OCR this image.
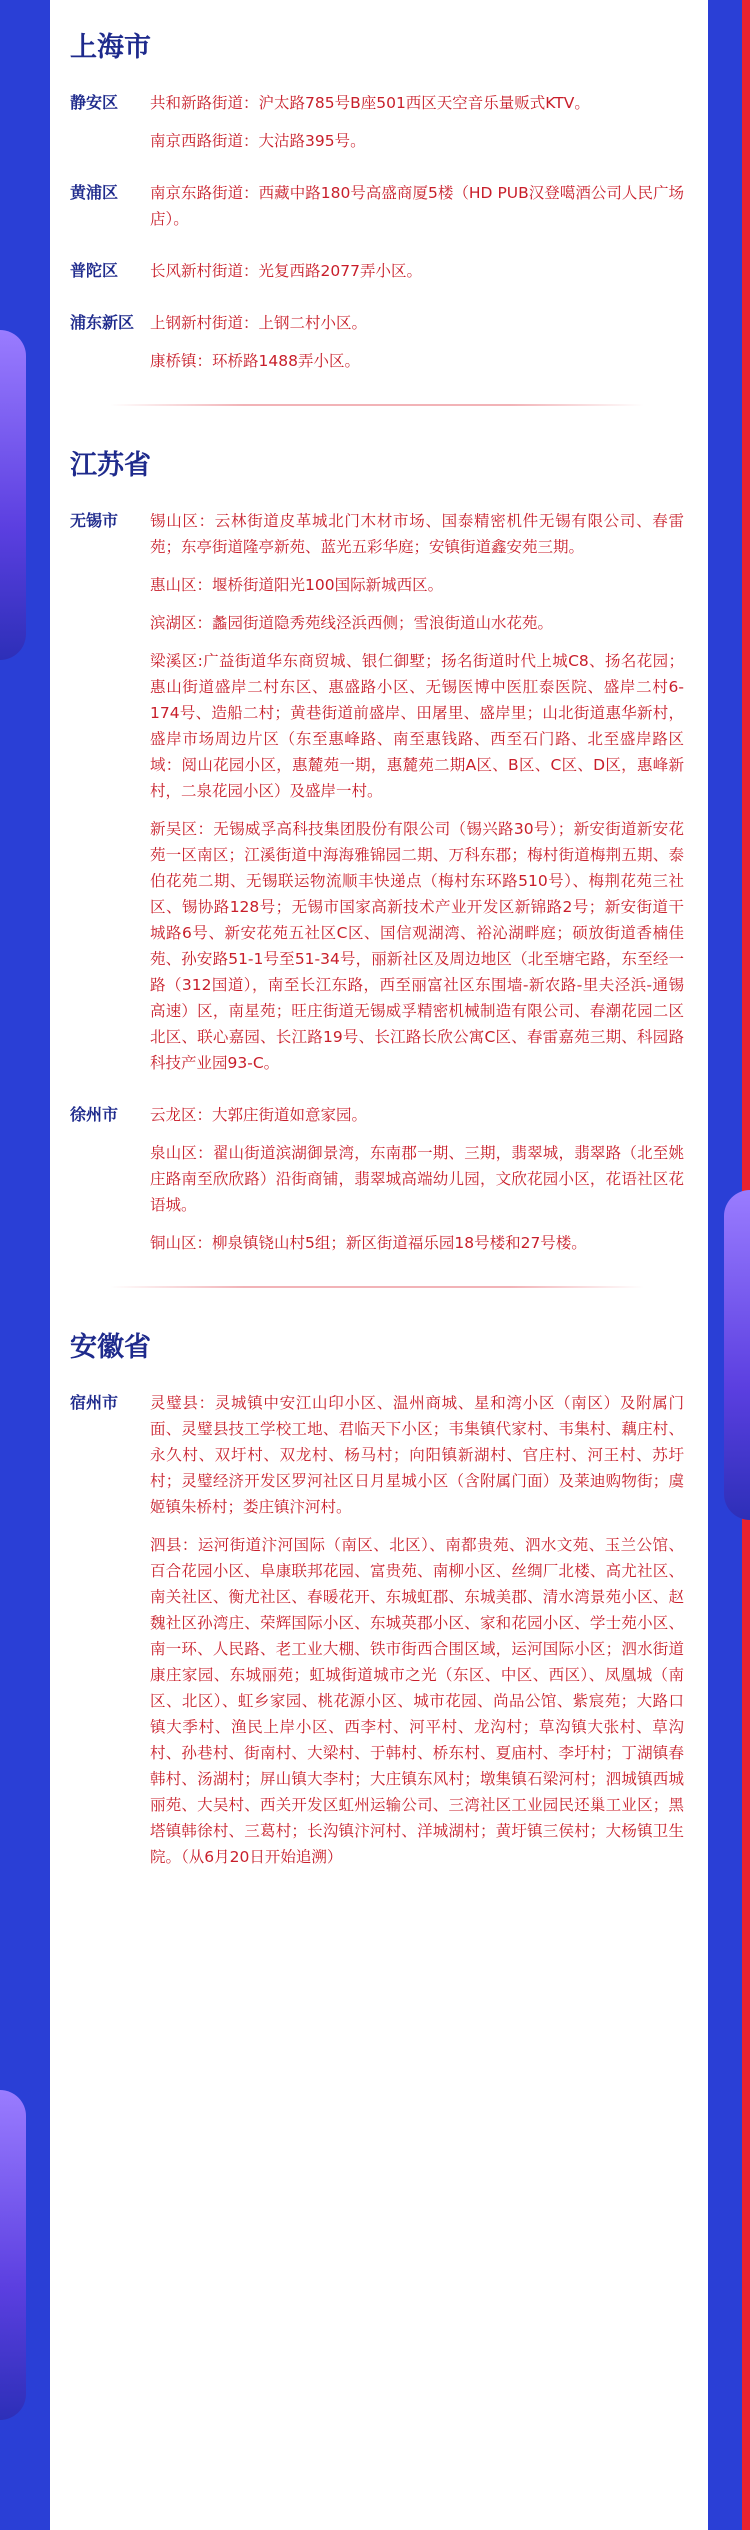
上海市
静安区	共和新路街道：沪太路785号B座501西区天空音乐量贩式KTV。
南京西路街道：大沽路395号。
黄浦区	南京东路街道：西藏中路180号高盛商厦5楼（HD PUB汉登噶酒公司人民广场店）。
普陀区	长风新村街道：光复西路2077弄小区。
浦东新区	上钢新村街道：上钢二村小区。
康桥镇：环桥路1488弄小区。
江苏省
无锡市	锡山区：云林街道皮革城北门木材市场、国泰精密机件无锡有限公司、春雷苑；东亭街道隆亭新苑、蓝光五彩华庭；安镇街道鑫安苑三期。
惠山区：堰桥街道阳光100国际新城西区。
滨湖区：蠡园街道隐秀苑线泾浜西侧；雪浪街道山水花苑。
梁溪区:广益街道华东商贸城、银仁御墅；扬名街道时代上城C8、扬名花园；惠山街道盛岸二村东区、惠盛路小区、无锡医博中医肛泰医院、盛岸二村6-174号、造船二村；黄巷街道前盛岸、田屠里、盛岸里；山北街道惠华新村，盛岸市场周边片区（东至惠峰路、南至惠钱路、西至石门路、北至盛岸路区域：阅山花园小区，惠麓苑一期，惠麓苑二期A区、B区、C区、D区，惠峰新村，二泉花园小区）及盛岸一村。
新吴区：无锡威孚高科技集团股份有限公司（锡兴路30号）；新安街道新安花苑一区南区；江溪街道中海海雅锦园二期、万科东郡；梅村街道梅荆五期、泰伯花苑二期、无锡联运物流顺丰快递点（梅村东环路510号）、梅荆花苑三社区、锡协路128号；无锡市国家高新技术产业开发区新锦路2号；新安街道干城路6号、新安花苑五社区C区、国信观湖湾、裕沁湖畔庭；硕放街道香楠佳苑、孙安路51-1号至51-34号，丽新社区及周边地区（北至塘宅路，东至经一路（312国道），南至长江东路，西至丽富社区东围墙-新农路-里夫泾浜-通锡高速）区，南星苑；旺庄街道无锡威孚精密机械制造有限公司、春潮花园二区北区、联心嘉园、长江路19号、长江路长欣公寓C区、春雷嘉苑三期、科园路科技产业园93-C。
徐州市	云龙区：大郭庄街道如意家园。
泉山区：翟山街道滨湖御景湾，东南郡一期、三期，翡翠城，翡翠路（北至姚庄路南至欣欣路）沿街商铺，翡翠城高端幼儿园，文欣花园小区，花语社区花语城。
铜山区：柳泉镇铙山村5组；新区街道福乐园18号楼和27号楼。
安徽省
宿州市	灵璧县：灵城镇中安江山印小区、温州商城、星和湾小区（南区）及附属门面、灵璧县技工学校工地、君临天下小区；韦集镇代家村、韦集村、藕庄村、永久村、双圩村、双龙村、杨马村；向阳镇新湖村、官庄村、河王村、苏圩村；灵璧经济开发区罗河社区日月星城小区（含附属门面）及莱迪购物街；虞姬镇朱桥村；娄庄镇汴河村。
泗县：运河街道汴河国际（南区、北区）、南都贵苑、泗水文苑、玉兰公馆、百合花园小区、阜康联邦花园、富贵苑、南柳小区、丝绸厂北楼、高尤社区、南关社区、衡尤社区、春暖花开、东城虹郡、东城美郡、清水湾景苑小区、赵魏社区孙湾庄、荣辉国际小区、东城英郡小区、家和花园小区、学士苑小区、南一环、人民路、老工业大棚、铁市街西合围区域，运河国际小区；泗水街道康庄家园、东城丽苑；虹城街道城市之光（东区、中区、西区）、凤凰城（南区、北区）、虹乡家园、桃花源小区、城市花园、尚品公馆、紫宸苑；大路口镇大季村、渔民上岸小区、西李村、河平村、龙沟村；草沟镇大张村、草沟村、孙巷村、街南村、大梁村、于韩村、桥东村、夏庙村、李圩村；丁湖镇春韩村、汤湖村；屏山镇大李村；大庄镇东风村；墩集镇石梁河村；泗城镇西城丽苑、大吴村、西关开发区虹州运输公司、三湾社区工业园民还巢工业区；黑塔镇韩徐村、三葛村；长沟镇汴河村、洋城湖村；黄圩镇三侯村；大杨镇卫生院。（从6月20日开始追溯）
